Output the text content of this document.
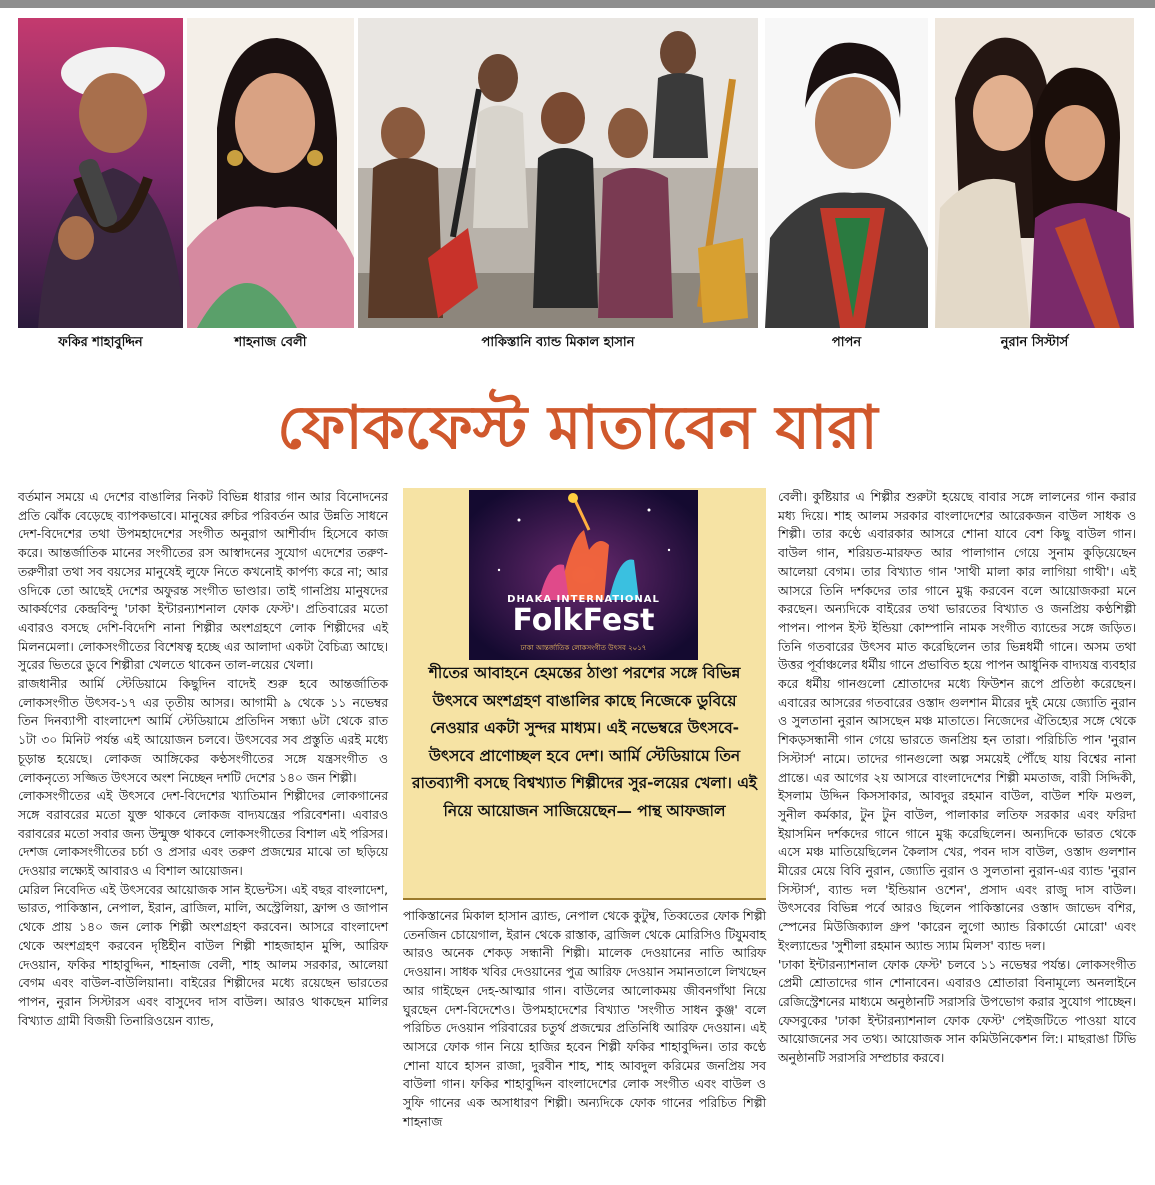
ফকির শাহাবুদ্দিন	শাহনাজ বেলী	পাকিস্তানি ব্যান্ড মিকাল হাসান	পাপন	নুরান সিস্টার্স
ফোকফেস্ট মাতাবেন যারা

বর্তমান সময়ে এ দেশের বাঙালির নিকট বিভিন্ন ধারার গান আর বিনোদনের প্রতি ঝোঁক বেড়েছে ব্যাপকভাবে। মানুষের রুচির পরিবর্তন আর উন্নতি সাধনে দেশ-বিদেশের তথা উপমহাদেশের সংগীত অনুরাগ আশীর্বাদ হিসেবে কাজ করে। আন্তর্জাতিক মানের সংগীতের রস আস্বাদনের সুযোগ এদেশের তরুণ-তরুণীরা তথা সব বয়সের মানুষেই লুফে নিতে কখনোই কার্পণ্য করে না; আর ওদিকে তো আছেই দেশের অফুরন্ত সংগীত ভাণ্ডার। তাই গানপ্রিয় মানুষদের আকর্ষণের কেন্দ্রবিন্দু 'ঢাকা ইন্টারন্যাশনাল ফোক ফেস্ট'। প্রতিবারের মতো এবারও বসছে দেশি-বিদেশি নানা শিল্পীর অংশগ্রহণে লোক শিল্পীদের এই মিলনমেলা। লোকসংগীতের বিশেষত্ব হচ্ছে এর আলাদা একটা বৈচিত্র্য আছে। সুরের ভিতরে ডুবে শিল্পীরা খেলতে থাকেন তাল-লয়ের খেলা।

রাজধানীর আর্মি স্টেডিয়ামে কিছুদিন বাদেই শুরু হবে আন্তর্জাতিক লোকসংগীত উৎসব-১৭ এর তৃতীয় আসর। আগামী ৯ থেকে ১১ নভেম্বর তিন দিনব্যাপী বাংলাদেশ আর্মি স্টেডিয়ামে প্রতিদিন সন্ধ্যা ৬টা থেকে রাত ১টা ৩০ মিনিট পর্যন্ত এই আয়োজন চলবে। উৎসবের সব প্রস্তুতি এরই মধ্যে চূড়ান্ত হয়েছে। লোকজ আঙ্গিকের কণ্ঠসংগীতের সঙ্গে যন্ত্রসংগীত ও লোকনৃত্যে সজ্জিত উৎসবে অংশ নিচ্ছেন দশটি দেশের ১৪০ জন শিল্পী।

লোকসংগীতের এই উৎসবে দেশ-বিদেশের খ্যাতিমান শিল্পীদের লোকগানের সঙ্গে বরাবরের মতো যুক্ত থাকবে লোকজ বাদ্যযন্ত্রের পরিবেশনা। এবারও বরাবরের মতো সবার জন্য উন্মুক্ত থাকবে লোকসংগীতের বিশাল এই পরিসর। দেশজ লোকসংগীতের চর্চা ও প্রসার এবং তরুণ প্রজন্মের মাঝে তা ছড়িয়ে দেওয়ার লক্ষ্যেই আবারও এ বিশাল আয়োজন।

মেরিল নিবেদিত এই উৎসবের আয়োজক সান ইভেন্টস। এই বছর বাংলাদেশ, ভারত, পাকিস্তান, নেপাল, ইরান, ব্রাজিল, মালি, অস্ট্রেলিয়া, ফ্রান্স ও জাপান থেকে প্রায় ১৪০ জন লোক শিল্পী অংশগ্রহণ করবেন। আসরে বাংলাদেশ থেকে অংশগ্রহণ করবেন দৃষ্টিহীন বাউল শিল্পী শাহজাহান মুন্সি, আরিফ দেওয়ান, ফকির শাহাবুদ্দিন, শাহনাজ বেলী, শাহ আলম সরকার, আলেয়া বেগম এবং বাউল-বাউলিয়ানা। বাইরের শিল্পীদের মধ্যে রয়েছেন ভারতের পাপন, নুরান সিস্টারস এবং বাসুদেব দাস বাউল। আরও থাকছেন মালির বিখ্যাত গ্রামী বিজয়ী তিনারিওয়েন ব্যান্ড,

DHAKA INTERNATIONAL
FolkFest
ঢাকা আন্তর্জাতিক লোকসংগীত উৎসব ২০১৭
শীতের আবাহনে হেমন্তের ঠাণ্ডা পরশের সঙ্গে বিভিন্ন উৎসবে অংশগ্রহণ বাঙালির কাছে নিজেকে ডুবিয়ে নেওয়ার একটা সুন্দর মাধ্যম। এই নভেম্বরে উৎসবে-উৎসবে প্রাণোচ্ছল হবে দেশ। আর্মি স্টেডিয়ামে তিন রাতব্যাপী বসছে বিশ্বখ্যাত শিল্পীদের সুর-লয়ের খেলা। এই নিয়ে আয়োজন সাজিয়েছেন— পান্থ আফজাল

পাকিস্তানের মিকাল হাসান ব্র্যান্ড, নেপাল থেকে কুটুম্ব, তিব্বতের ফোক শিল্পী তেনজিন চোয়েগাল, ইরান থেকে রাস্তাক, ব্রাজিল থেকে মোরিসিও টিযুমবাহ আরও অনেক শেকড় সন্ধানী শিল্পী। মালেক দেওয়ানের নাতি আরিফ দেওয়ান। সাধক খবির দেওয়ানের পুত্র আরিফ দেওয়ান সমানতালে লিখছেন আর গাইছেন দেহ-আত্মার গান। বাউলের আলোকময় জীবনগাঁথা নিয়ে ঘুরছেন দেশ-বিদেশেও। উপমহাদেশের বিখ্যাত 'সংগীত সাধন কুঞ্জ' বলে পরিচিত দেওয়ান পরিবারের চতুর্থ প্রজন্মের প্রতিনিধি আরিফ দেওয়ান। এই আসরে ফোক গান নিয়ে হাজির হবেন শিল্পী ফকির শাহাবুদ্দিন। তার কণ্ঠে শোনা যাবে হাসন রাজা, দুরবীন শাহ, শাহ আবদুল করিমের জনপ্রিয় সব বাউলা গান। ফকির শাহাবুদ্দিন বাংলাদেশের লোক সংগীত এবং বাউল ও সুফি গানের এক অসাধারণ শিল্পী। অন্যদিকে ফোক গানের পরিচিত শিল্পী শাহনাজ

বেলী। কুষ্টিয়ার এ শিল্পীর শুরুটা হয়েছে বাবার সঙ্গে লালনের গান করার মধ্য দিয়ে। শাহ আলম সরকার বাংলাদেশের আরেকজন বাউল সাধক ও শিল্পী। তার কণ্ঠে এবারকার আসরে শোনা যাবে বেশ কিছু বাউল গান। বাউল গান, শরিয়ত-মারফত আর পালাগান গেয়ে সুনাম কুড়িয়েছেন আলেয়া বেগম। তার বিখ্যাত গান 'সাথী মালা কার লাগিয়া গাথী'। এই আসরে তিনি দর্শকদের তার গানে মুগ্ধ করবেন বলে আয়োজকরা মনে করছেন। অন্যদিকে বাইরের তথা ভারতের বিখ্যাত ও জনপ্রিয় কণ্ঠশিল্পী পাপন। পাপন ইস্ট ইন্ডিয়া কোম্পানি নামক সংগীত ব্যান্ডের সঙ্গে জড়িত। তিনি গতবারের উৎসব মাত করেছিলেন তার ভিন্নধর্মী গানে। অসম তথা উত্তর পূর্বাঞ্চলের ধর্মীয় গানে প্রভাবিত হয়ে পাপন আধুনিক বাদ্যযন্ত্র ব্যবহার করে ধর্মীয় গানগুলো শ্রোতাদের মধ্যে ফিউশন রূপে প্রতিষ্ঠা করেছেন। এবারের আসরের গতবারের ওস্তাদ গুলশান মীরের দুই মেয়ে জ্যোতি নুরান ও সুলতানা নুরান আসছেন মঞ্চ মাতাতে। নিজেদের ঐতিহ্যের সঙ্গে থেকে শিকড়সন্ধানী গান গেয়ে ভারতে জনপ্রিয় হন তারা। পরিচিতি পান 'নুরান সিস্টার্স' নামে। তাদের গানগুলো অল্প সময়েই পৌঁছে যায় বিশ্বের নানা প্রান্তে। এর আগের ২য় আসরে বাংলাদেশের শিল্পী মমতাজ, বারী সিদ্দিকী, ইসলাম উদ্দিন কিসসাকার, আবদুর রহমান বাউল, বাউল শফি মণ্ডল, সুনীল কর্মকার, টুন টুন বাউল, পালাকার লতিফ সরকার এবং ফরিদা ইয়াসমিন দর্শকদের গানে গানে মুগ্ধ করেছিলেন। অন্যদিকে ভারত থেকে এসে মঞ্চ মাতিয়েছিলেন কৈলাস খের, পবন দাস বাউল, ওস্তাদ গুলশান মীরের মেয়ে বিবি নুরান, জ্যোতি নুরান ও সুলতানা নুরান-এর ব্যান্ড 'নুরান সিস্টার্স', ব্যান্ড দল 'ইন্ডিয়ান ওশেন', প্রসাদ এবং রাজু দাস বাউল। উৎসবের বিভিন্ন পর্বে আরও ছিলেন পাকিস্তানের ওস্তাদ জাভেদ বশির, স্পেনের মিউজিক্যাল গ্রুপ 'কারেন লুগো অ্যান্ড রিকার্ডো মোরো' এবং ইংল্যান্ডের 'সুশীলা রহমান অ্যান্ড স্যাম মিলস' ব্যান্ড দল।

'ঢাকা ইন্টারন্যাশনাল ফোক ফেস্ট' চলবে ১১ নভেম্বর পর্যন্ত। লোকসংগীত প্রেমী শ্রোতাদের গান শোনাবেন। এবারও শ্রোতারা বিনামূল্যে অনলাইনে রেজিস্ট্রেশনের মাধ্যমে অনুষ্ঠানটি সরাসরি উপভোগ করার সুযোগ পাচ্ছেন। ফেসবুকের 'ঢাকা ইন্টারন্যাশনাল ফোক ফেস্ট' পেইজটিতে পাওয়া যাবে আয়োজনের সব তথ্য। আয়োজক সান কমিউনিকেশন লি:। মাছরাঙা টিভি অনুষ্ঠানটি সরাসরি সম্প্রচার করবে।
